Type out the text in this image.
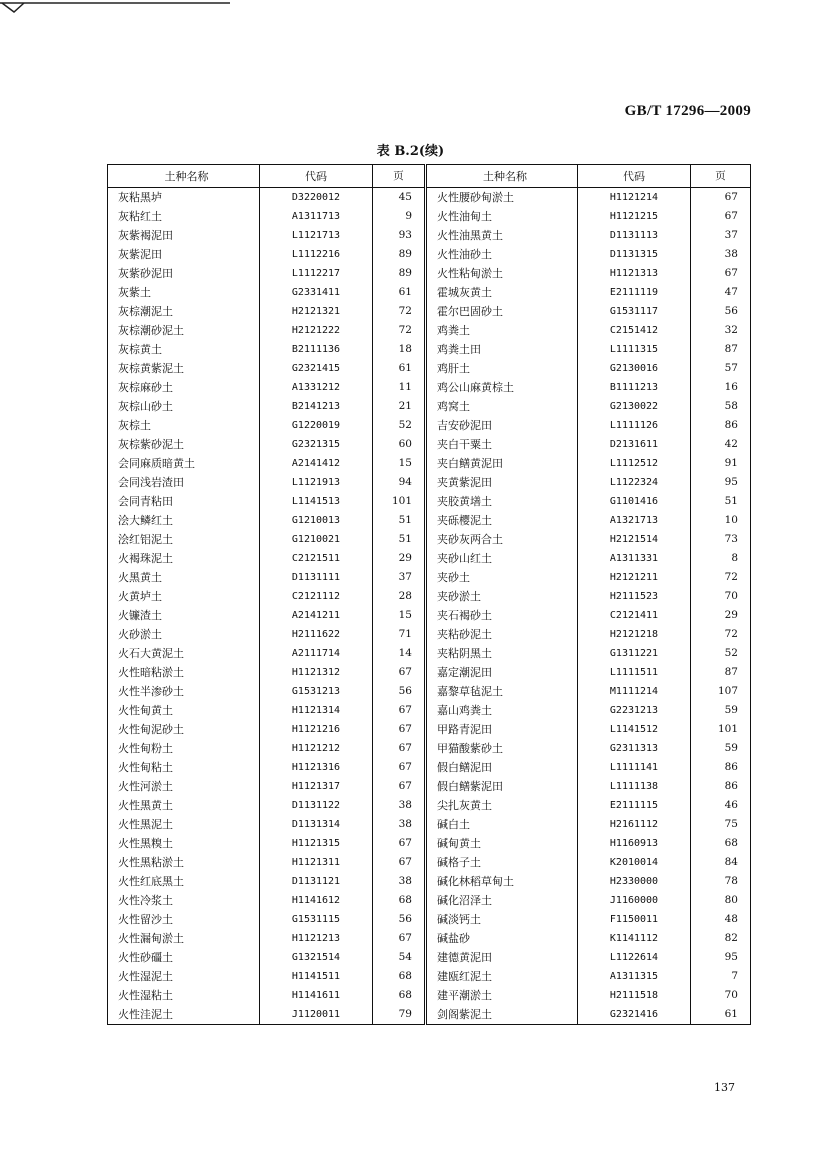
GB/T 17296—2009
表 B.2(续)
土种名称	代码	页	土种名称	代码	页
灰粘黑垆	D3220012	45	火性腰砂甸淤土	H1121214	67
灰粘红土	A1311713	9	火性油甸土	H1121215	67
灰紫褐泥田	L1121713	93	火性油黑黄土	D1131113	37
灰紫泥田	L1112216	89	火性油砂土	D1131315	38
灰紫砂泥田	L1112217	89	火性粘甸淤土	H1121313	67
灰紫土	G2331411	61	霍城灰黄土	E2111119	47
灰棕潮泥土	H2121321	72	霍尔巴固砂土	G1531117	56
灰棕潮砂泥土	H2121222	72	鸡粪土	C2151412	32
灰棕黄土	B2111136	18	鸡粪土田	L1111315	87
灰棕黄紫泥土	G2321415	61	鸡肝土	G2130016	57
灰棕麻砂土	A1331212	11	鸡公山麻黄棕土	B1111213	16
灰棕山砂土	B2141213	21	鸡窝土	G2130022	58
灰棕土	G1220019	52	吉安砂泥田	L1111126	86
灰棕紫砂泥土	G2321315	60	夹白干粟土	D2131611	42
会同麻质暗黄土	A2141412	15	夹白鳝黄泥田	L1112512	91
会同浅岩渣田	L1121913	94	夹黄紫泥田	L1122324	95
会同青粘田	L1141513	101	夹胶黄墡土	G1101416	51
浍大鳞红土	G1210013	51	夹砾樱泥土	A1321713	10
浍红铝泥土	G1210021	51	夹砂灰两合土	H2121514	73
火褐珠泥土	C2121511	29	夹砂山红土	A1311331	8
火黑黄土	D1131111	37	夹砂土	H2121211	72
火黄垆土	C2121112	28	夹砂淤土	H2111523	70
火镰渣土	A2141211	15	夹石褐砂土	C2121411	29
火砂淤土	H2111622	71	夹粘砂泥土	H2121218	72
火石大黄泥土	A2111714	14	夹粘阴黑土	G1311221	52
火性暗粘淤土	H1121312	67	嘉定潮泥田	L1111511	87
火性半渗砂土	G1531213	56	嘉黎草毡泥土	M1111214	107
火性甸黄土	H1121314	67	嘉山鸡粪土	G2231213	59
火性甸泥砂土	H1121216	67	甲路青泥田	L1141512	101
火性甸粉土	H1121212	67	甲猫酸紫砂土	G2311313	59
火性甸粘土	H1121316	67	假白鳝泥田	L1111141	86
火性河淤土	H1121317	67	假白鳝紫泥田	L1111138	86
火性黑黄土	D1131122	38	尖扎灰黄土	E2111115	46
火性黑泥土	D1131314	38	碱白土	H2161112	75
火性黑糗土	H1121315	67	碱甸黄土	H1160913	68
火性黑粘淤土	H1121311	67	碱格子土	K2010014	84
火性红底黑土	D1131121	38	碱化林稻草甸土	H2330000	78
火性冷浆土	H1141612	68	碱化沼泽土	J1160000	80
火性留沙土	G1531115	56	碱淡钙土	F1150011	48
火性漏甸淤土	H1121213	67	碱盐砂	K1141112	82
火性砂礓土	G1321514	54	建德黄泥田	L1122614	95
火性湿泥土	H1141511	68	建瓯红泥土	A1311315	7
火性湿粘土	H1141611	68	建平潮淤土	H2111518	70
火性洼泥土	J1120011	79	剑阁紫泥土	G2321416	61
137
